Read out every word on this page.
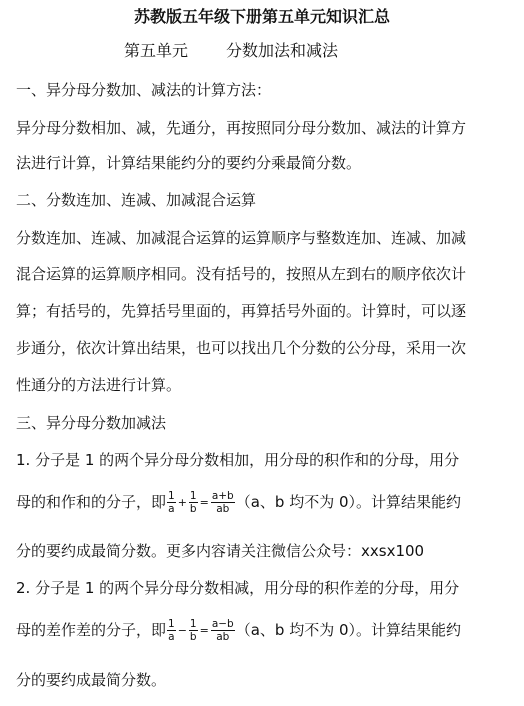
苏教版五年级下册第五单元知识汇总
第五单元 分数加法和减法
一、异分母分数加、减法的计算方法：
异分母分数相加、减，先通分，再按照同分母分数加、减法的计算方
法进行计算，计算结果能约分的要约分乘最简分数。
二、分数连加、连减、加减混合运算
分数连加、连减、加减混合运算的运算顺序与整数连加、连减、加减
混合运算的运算顺序相同。没有括号的，按照从左到右的顺序依次计
算；有括号的，先算括号里面的，再算括号外面的。计算时，可以逐
步通分，依次计算出结果，也可以找出几个分数的公分母，采用一次
性通分的方法进行计算。
三、异分母分数加减法
1. 分子是 1 的两个异分母分数相加，用分母的积作和的分母，用分
母的和作和的分子，即 $\frac{1}{a} + \frac{1}{b} = \frac{a+b}{ab} (a$、b 均不为 0）。计算结果能约
分的要约成最简分数。更多内容请关注微信公众号：xxsx100
2. 分子是 1 的两个异分母分数相减，用分母的积作差的分母，用分
母的差作差的分子，即 $\frac{1}{a} - \frac{1}{b} = \frac{a-b}{ab} (a$、b 均不为 0）。计算结果能约
分的要约成最简分数。
